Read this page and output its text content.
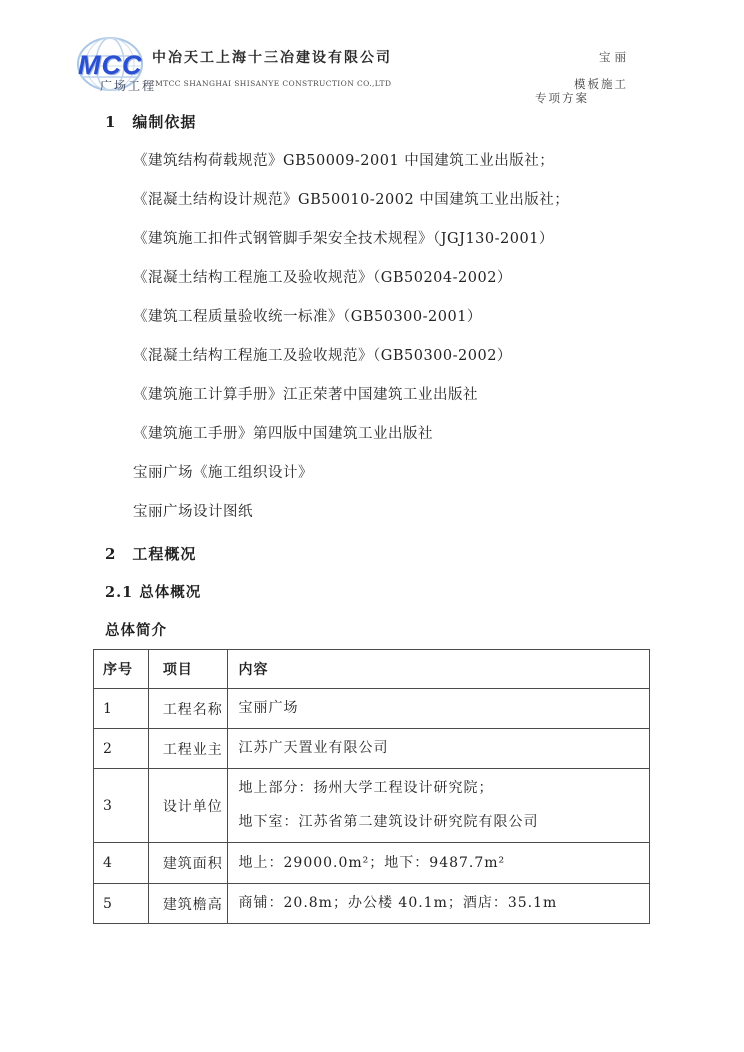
MCC
广场工程
中冶天工上海十三冶建设有限公司
CMTCC SHANGHAI SHISANYE CONSTRUCTION CO.,LTD
宝丽
模板施工
专项方案
1　编制依据
《建筑结构荷载规范》GB50009-2001 中国建筑工业出版社；
《混凝土结构设计规范》GB50010-2002 中国建筑工业出版社；
《建筑施工扣件式钢管脚手架安全技术规程》（JGJ130-2001）
《混凝土结构工程施工及验收规范》（GB50204-2002）
《建筑工程质量验收统一标准》（GB50300-2001）
《混凝土结构工程施工及验收规范》（GB50300-2002）
《建筑施工计算手册》江正荣著中国建筑工业出版社
《建筑施工手册》第四版中国建筑工业出版社
宝丽广场《施工组织设计》
宝丽广场设计图纸
2　工程概况
2.1 总体概况
总体简介
序号	项目	内容
1	工程名称	宝丽广场

2	工程业主	江苏广天置业有限公司

3	设计单位	地上部分：扬州大学工程设计研究院；
地下室：江苏省第二建筑设计研究院有限公司

4	建筑面积	地上：29000.0m²；地下：9487.7m²

5	建筑檐高	商铺：20.8m；办公楼 40.1m；酒店：35.1m
